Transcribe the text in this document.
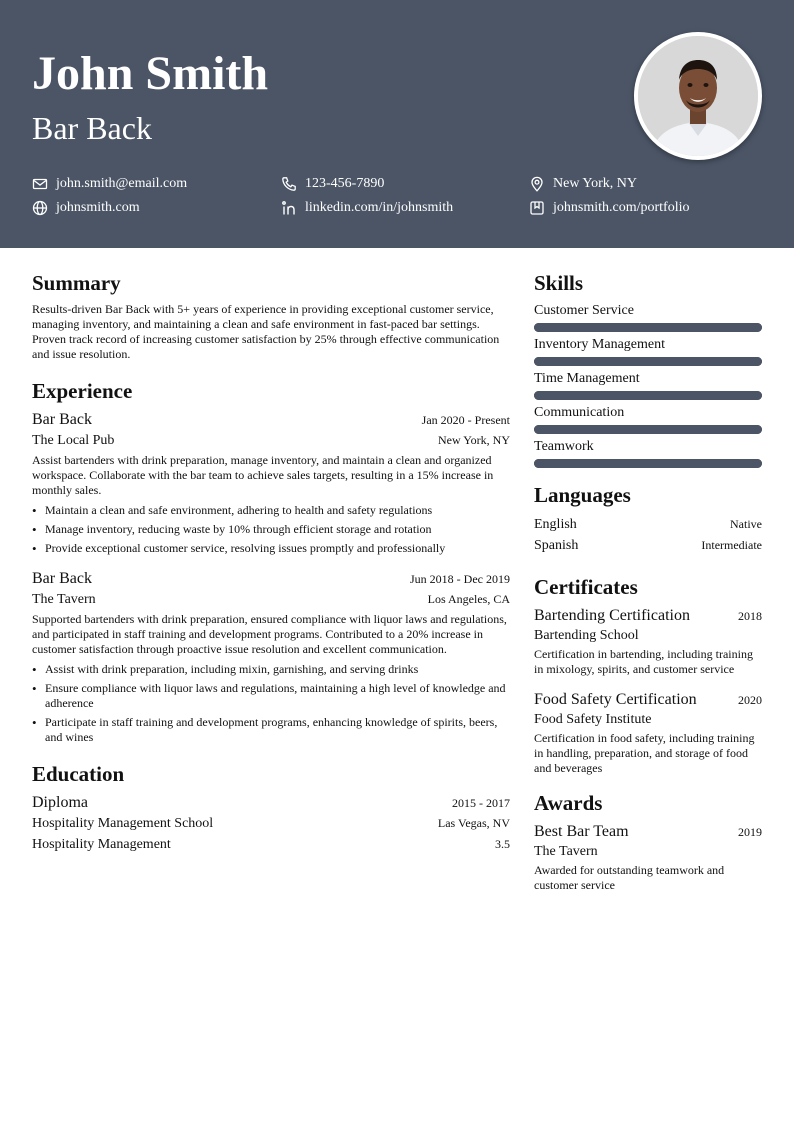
John Smith
Bar Back
john.smith@email.com	123-456-7890	New York, NY
johnsmith.com	linkedin.com/in/johnsmith	johnsmith.com/portfolio
Summary

Results-driven Bar Back with 5+ years of experience in providing exceptional customer service, managing inventory, and maintaining a clean and safe environment in fast-paced bar settings. Proven track record of increasing customer satisfaction by 25% through effective communication and issue resolution.

Experience
Bar Back	Jan 2020 - Present
The Local Pub	New York, NY

Assist bartenders with drink preparation, manage inventory, and maintain a clean and organized workspace. Collaborate with the bar team to achieve sales targets, resulting in a 15% increase in monthly sales.

• Maintain a clean and safe environment, adhering to health and safety regulations
• Manage inventory, reducing waste by 10% through efficient storage and rotation
• Provide exceptional customer service, resolving issues promptly and professionally
Bar Back	Jun 2018 - Dec 2019
The Tavern	Los Angeles, CA

Supported bartenders with drink preparation, ensured compliance with liquor laws and regulations, and participated in staff training and development programs. Contributed to a 20% increase in customer satisfaction through proactive issue resolution and excellent communication.

• Assist with drink preparation, including mixin, garnishing, and serving drinks
• Ensure compliance with liquor laws and regulations, maintaining a high level of knowledge and adherence
• Participate in staff training and development programs, enhancing knowledge of spirits, beers, and wines
Education
Diploma	2015 - 2017
Hospitality Management School	Las Vegas, NV
Hospitality Management	3.5
Skills
Customer Service
Inventory Management
Time Management
Communication
Teamwork
Languages
English	Native
Spanish	Intermediate
Certificates
Bartending Certification	2018
Bartending School

Certification in bartending, including training in mixology, spirits, and customer service

Food Safety Certification	2020
Food Safety Institute

Certification in food safety, including training in handling, preparation, and storage of food and beverages

Awards
Best Bar Team	2019
The Tavern

Awarded for outstanding teamwork and customer service
